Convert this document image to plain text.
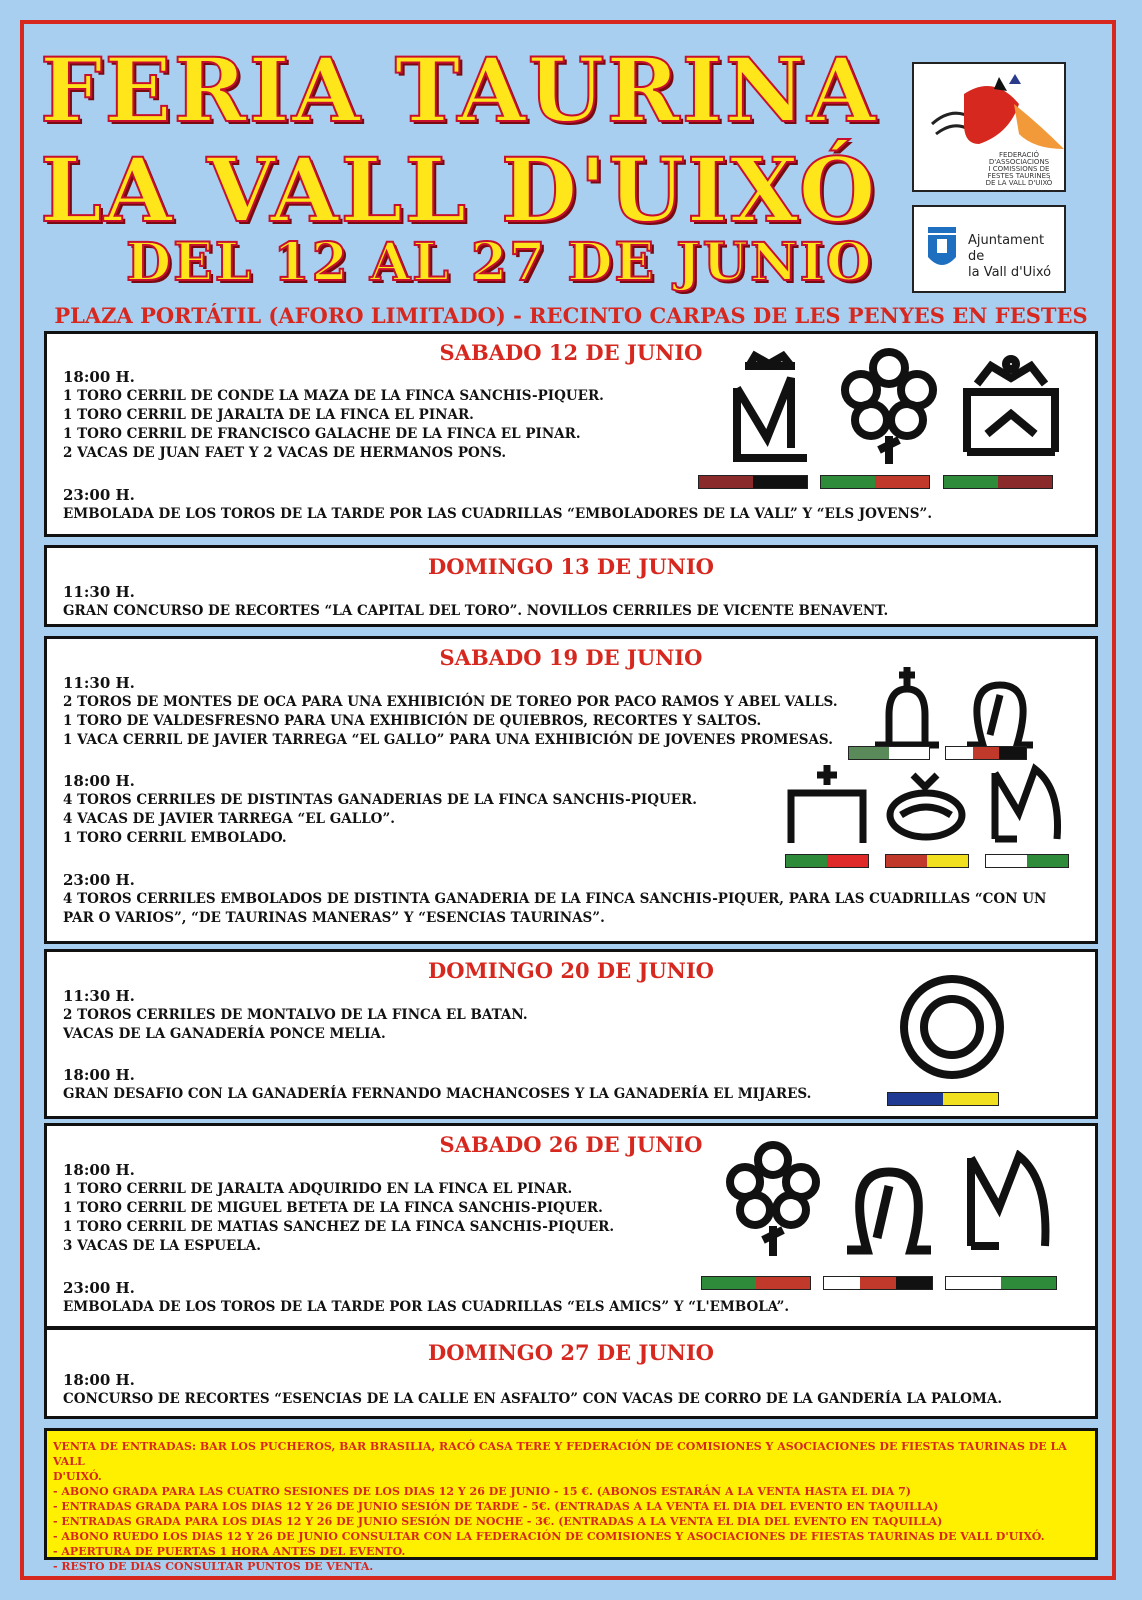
FERIA TAURINA
LA VALL D'UIXÓ
DEL 12 AL 27 DE JUNIO
FEDERACIÓ
D'ASSOCIACIONS
I COMISSIONS DE
FESTES TAURINES
DE LA VALL D'UIXÓ
Ajuntament de
la Vall d'Uixó
PLAZA PORTÁTIL (AFORO LIMITADO) - RECINTO CARPAS DE LES PENYES EN FESTES
SABADO 12 DE JUNIO
18:00 H.
1 TORO CERRIL DE CONDE LA MAZA DE LA FINCA SANCHIS-PIQUER.
1 TORO CERRIL DE JARALTA DE LA FINCA EL PINAR.
1 TORO CERRIL DE FRANCISCO GALACHE DE LA FINCA EL PINAR.
2 VACAS DE JUAN FAET Y 2 VACAS DE HERMANOS PONS.
23:00 H.
EMBOLADA DE LOS TOROS DE LA TARDE POR LAS CUADRILLAS “EMBOLADORES DE LA VALL” Y “ELS JOVENS”.
DOMINGO 13 DE JUNIO
11:30 H.
GRAN CONCURSO DE RECORTES “LA CAPITAL DEL TORO”. NOVILLOS CERRILES DE VICENTE BENAVENT.
SABADO 19 DE JUNIO
11:30 H.
2 TOROS DE MONTES DE OCA PARA UNA EXHIBICIÓN DE TOREO POR PACO RAMOS Y ABEL VALLS.
1 TORO DE VALDESFRESNO PARA UNA EXHIBICIÓN DE QUIEBROS, RECORTES Y SALTOS.
1 VACA CERRIL DE JAVIER TARREGA “EL GALLO” PARA UNA EXHIBICIÓN DE JOVENES PROMESAS.
18:00 H.
4 TOROS CERRILES DE DISTINTAS GANADERIAS DE LA FINCA SANCHIS-PIQUER.
4 VACAS DE JAVIER TARREGA “EL GALLO”.
1 TORO CERRIL EMBOLADO.
23:00 H.
4 TOROS CERRILES EMBOLADOS DE DISTINTA GANADERIA DE LA FINCA SANCHIS-PIQUER, PARA LAS CUADRILLAS “CON UN
PAR O VARIOS”, “DE TAURINAS MANERAS” Y “ESENCIAS TAURINAS”.
DOMINGO 20 DE JUNIO
11:30 H.
2 TOROS CERRILES DE MONTALVO DE LA FINCA EL BATAN.
VACAS DE LA GANADERÍA PONCE MELIA.
18:00 H.
GRAN DESAFIO CON LA GANADERÍA FERNANDO MACHANCOSES Y LA GANADERÍA EL MIJARES.
SABADO 26 DE JUNIO
18:00 H.
1 TORO CERRIL DE JARALTA ADQUIRIDO EN LA FINCA EL PINAR.
1 TORO CERRIL DE MIGUEL BETETA DE LA FINCA SANCHIS-PIQUER.
1 TORO CERRIL DE MATIAS SANCHEZ DE LA FINCA SANCHIS-PIQUER.
3 VACAS DE LA ESPUELA.
23:00 H.
EMBOLADA DE LOS TOROS DE LA TARDE POR LAS CUADRILLAS “ELS AMICS” Y “L'EMBOLA”.
DOMINGO 27 DE JUNIO
18:00 H.
CONCURSO DE RECORTES “ESENCIAS DE LA CALLE EN ASFALTO” CON VACAS DE CORRO DE LA GANDERÍA LA PALOMA.
VENTA DE ENTRADAS: BAR LOS PUCHEROS, BAR BRASILIA, RACÓ CASA TERE Y FEDERACIÓN DE COMISIONES Y ASOCIACIONES DE FIESTAS TAURINAS DE LA VALL
D'UIXÓ.
- ABONO GRADA PARA LAS CUATRO SESIONES DE LOS DIAS 12 Y 26 DE JUNIO - 15 €. (ABONOS ESTARÁN A LA VENTA HASTA EL DIA 7)
- ENTRADAS GRADA PARA LOS DIAS 12 Y 26 DE JUNIO SESIÓN DE TARDE - 5€. (ENTRADAS A LA VENTA EL DIA DEL EVENTO EN TAQUILLA)
- ENTRADAS GRADA PARA LOS DIAS 12 Y 26 DE JUNIO SESIÓN DE NOCHE - 3€. (ENTRADAS A LA VENTA EL DIA DEL EVENTO EN TAQUILLA)
- ABONO RUEDO LOS DIAS 12 Y 26 DE JUNIO CONSULTAR CON LA FEDERACIÓN DE COMISIONES Y ASOCIACIONES DE FIESTAS TAURINAS DE VALL D'UIXÓ.
- APERTURA DE PUERTAS 1 HORA ANTES DEL EVENTO.
- RESTO DE DIAS CONSULTAR PUNTOS DE VENTA.
